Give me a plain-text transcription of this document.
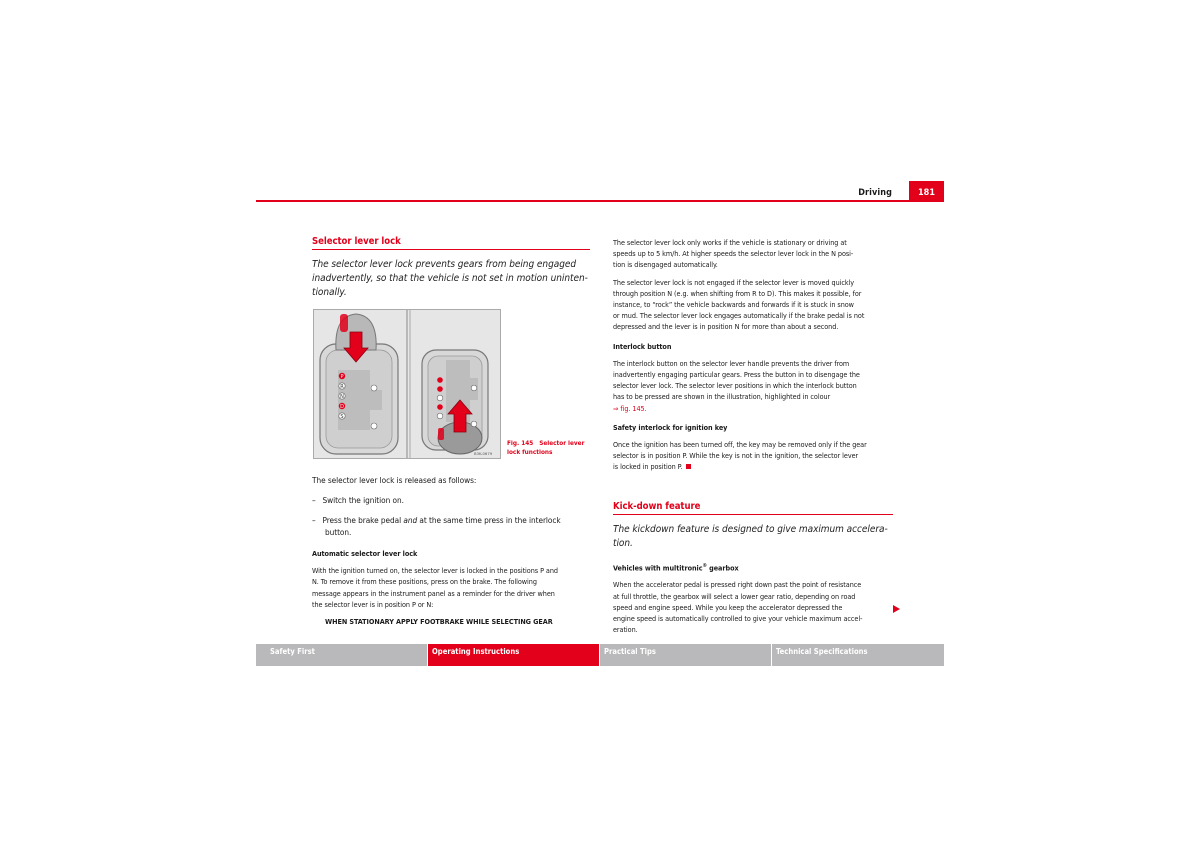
Driving	181
Selector lever lock
The selector lever lock prevents gears from being engaged
inadvertently, so that the vehicle is not set in motion uninten-
tionally.
P
R
N
D
S
B3K-0679
Fig. 145   Selector lever
lock functions

The selector lever lock is released as follows:

–   Switch the ignition on.

–   Press the brake pedal and at the same time press in the interlock
button.

Automatic selector lever lock

With the ignition turned on, the selector lever is locked in the positions P and
N. To remove it from these positions, press on the brake. The following
message appears in the instrument panel as a reminder for the driver when
the selector lever is in position P or N:

WHEN STATIONARY APPLY FOOTBRAKE WHILE SELECTING GEAR

The selector lever lock only works if the vehicle is stationary or driving at
speeds up to 5 km/h. At higher speeds the selector lever lock in the N posi-
tion is disengaged automatically.

The selector lever lock is not engaged if the selector lever is moved quickly
through position N (e.g. when shifting from R to D). This makes it possible, for
instance, to “rock” the vehicle backwards and forwards if it is stuck in snow
or mud. The selector lever lock engages automatically if the brake pedal is not
depressed and the lever is in position N for more than about a second.

Interlock button

The interlock button on the selector lever handle prevents the driver from
inadvertently engaging particular gears. Press the button in to disengage the
selector lever lock. The selector lever positions in which the interlock button
has to be pressed are shown in the illustration, highlighted in colour
⇒ fig. 145.

Safety interlock for ignition key

Once the ignition has been turned off, the key may be removed only if the gear
selector is in position P. While the key is not in the ignition, the selector lever
is locked in position P.

Kick-down feature
The kickdown feature is designed to give maximum accelera-
tion.

Vehicles with multitronic® gearbox

When the accelerator pedal is pressed right down past the point of resistance
at full throttle, the gearbox will select a lower gear ratio, depending on road
speed and engine speed. While you keep the accelerator depressed the
engine speed is automatically controlled to give your vehicle maximum accel-
eration.

Safety First	Operating Instructions	Practical Tips	Technical Specifications
